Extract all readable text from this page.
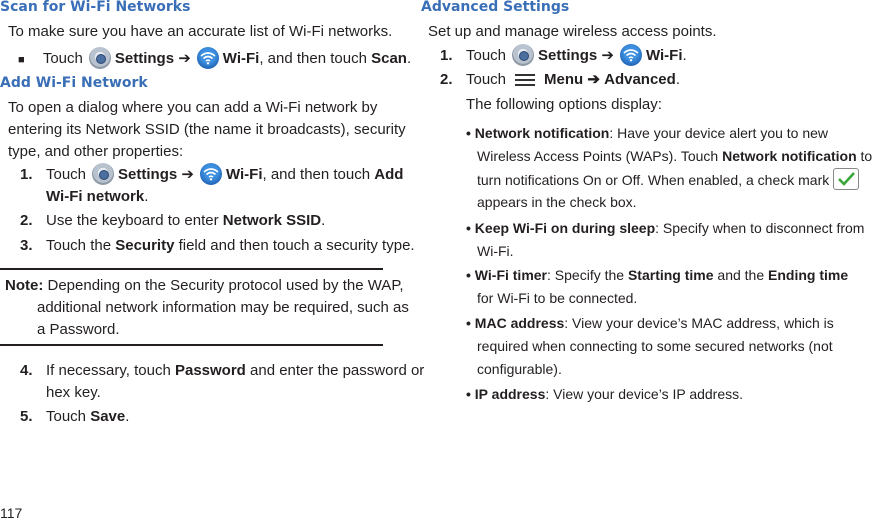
Scan for Wi-Fi Networks
To make sure you have an accurate list of Wi-Fi networks.
■ Touch Settings ➔ Wi-Fi, and then touch Scan.
Add Wi-Fi Network
To open a dialog where you can add a Wi-Fi network by
entering its Network SSID (the name it broadcasts), security
type, and other properties:
1. Touch Settings ➔ Wi-Fi, and then touch Add
Wi-Fi network.
2. Use the keyboard to enter Network SSID.
3. Touch the Security field and then touch a security type.
Note: Depending on the Security protocol used by the WAP,
additional network information may be required, such as
a Password.
4. If necessary, touch Password and enter the password or
hex key.
5. Touch Save.
117
Advanced Settings
Set up and manage wireless access points.
1. Touch Settings ➔ Wi-Fi.
2. Touch	Menu ➔ Advanced.
The following options display:
• Network notification: Have your device alert you to new
Wireless Access Points (WAPs). Touch Network notification to
turn notifications On or Off. When enabled, a check mark
appears in the check box.
• Keep Wi-Fi on during sleep: Specify when to disconnect from
Wi-Fi.
• Wi-Fi timer: Specify the Starting time and the Ending time
for Wi-Fi to be connected.
• MAC address: View your device’s MAC address, which is
required when connecting to some secured networks (not
configurable).
• IP address: View your device’s IP address.
